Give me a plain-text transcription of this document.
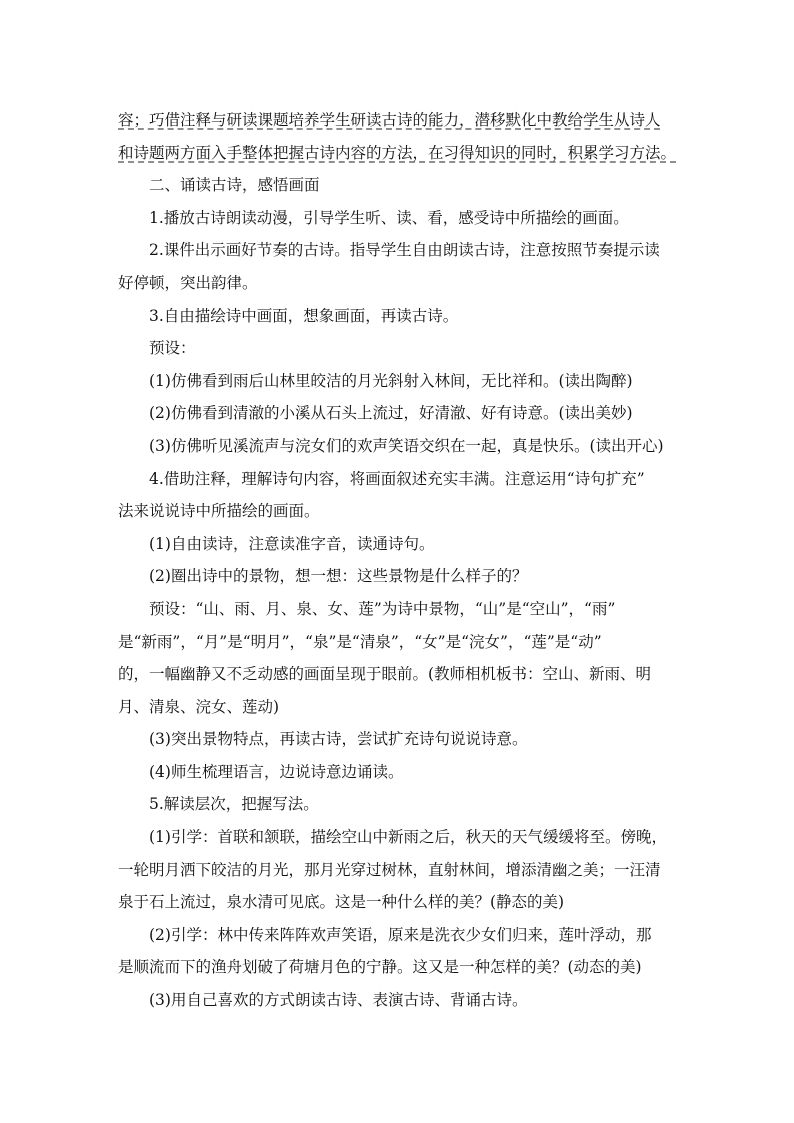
容；巧借注释与研读课题培养学生研读古诗的能力，潜移默化中教给学生从诗人
和诗题两方面入手整体把握古诗内容的方法，在习得知识的同时，积累学习方法。
二、诵读古诗，感悟画面
1.播放古诗朗读动漫，引导学生听、读、看，感受诗中所描绘的画面。
2.课件出示画好节奏的古诗。指导学生自由朗读古诗，注意按照节奏提示读
好停顿，突出韵律。
3.自由描绘诗中画面，想象画面，再读古诗。
预设：
(1)仿佛看到雨后山林里皎洁的月光斜射入林间，无比祥和。(读出陶醉)
(2)仿佛看到清澈的小溪从石头上流过，好清澈、好有诗意。(读出美妙)
(3)仿佛听见溪流声与浣女们的欢声笑语交织在一起，真是快乐。(读出开心)
4.借助注释，理解诗句内容，将画面叙述充实丰满。注意运用“诗句扩充”
法来说说诗中所描绘的画面。
(1)自由读诗，注意读准字音，读通诗句。
(2)圈出诗中的景物，想一想：这些景物是什么样子的？
预设：“山、雨、月、泉、女、莲”为诗中景物，“山”是“空山”，“雨”
是“新雨”，“月”是“明月”，“泉”是“清泉”，“女”是“浣女”，“莲”是“动”
的，一幅幽静又不乏动感的画面呈现于眼前。(教师相机板书：空山、新雨、明
月、清泉、浣女、莲动)
(3)突出景物特点，再读古诗，尝试扩充诗句说说诗意。
(4)师生梳理语言，边说诗意边诵读。
5.解读层次，把握写法。
(1)引学：首联和颔联，描绘空山中新雨之后，秋天的天气缓缓将至。傍晚，
一轮明月洒下皎洁的月光，那月光穿过树林，直射林间，增添清幽之美；一汪清
泉于石上流过，泉水清可见底。这是一种什么样的美？(静态的美)
(2)引学：林中传来阵阵欢声笑语，原来是洗衣少女们归来，莲叶浮动，那
是顺流而下的渔舟划破了荷塘月色的宁静。这又是一种怎样的美？(动态的美)
(3)用自己喜欢的方式朗读古诗、表演古诗、背诵古诗。
